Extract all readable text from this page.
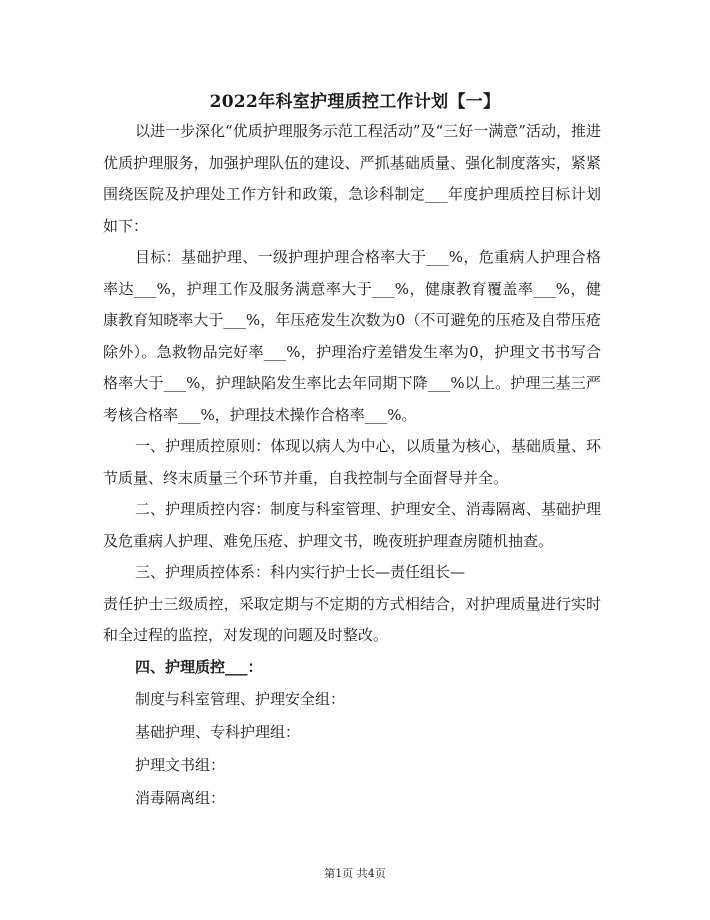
2022年科室护理质控工作计划【一】

以进一步深化“优质护理服务示范工程活动”及“三好一满意”活动，推进优质护理服务，加强护理队伍的建设、严抓基础质量、强化制度落实，紧紧围绕医院及护理处工作方针和政策，急诊科制定___年度护理质控目标计划如下：

目标：基础护理、一级护理护理合格率大于___%，危重病人护理合格率达___%，护理工作及服务满意率大于___%，健康教育覆盖率___%，健康教育知晓率大于___%，年压疮发生次数为0（不可避免的压疮及自带压疮除外）。急救物品完好率___%，护理治疗差错发生率为0，护理文书书写合格率大于___%，护理缺陷发生率比去年同期下降___%以上。护理三基三严考核合格率___%，护理技术操作合格率___%。

一、护理质控原则：体现以病人为中心，以质量为核心，基础质量、环节质量、终末质量三个环节并重，自我控制与全面督导并全。

二、护理质控内容：制度与科室管理、护理安全、消毒隔离、基础护理及危重病人护理、难免压疮、护理文书，晚夜班护理查房随机抽查。

三、护理质控体系：科内实行护士长—责任组长—

责任护士三级质控，采取定期与不定期的方式相结合，对护理质量进行实时和全过程的监控，对发现的问题及时整改。

四、护理质控___：

制度与科室管理、护理安全组：

基础护理、专科护理组：

护理文书组：

消毒隔离组：

第1页 共4页
